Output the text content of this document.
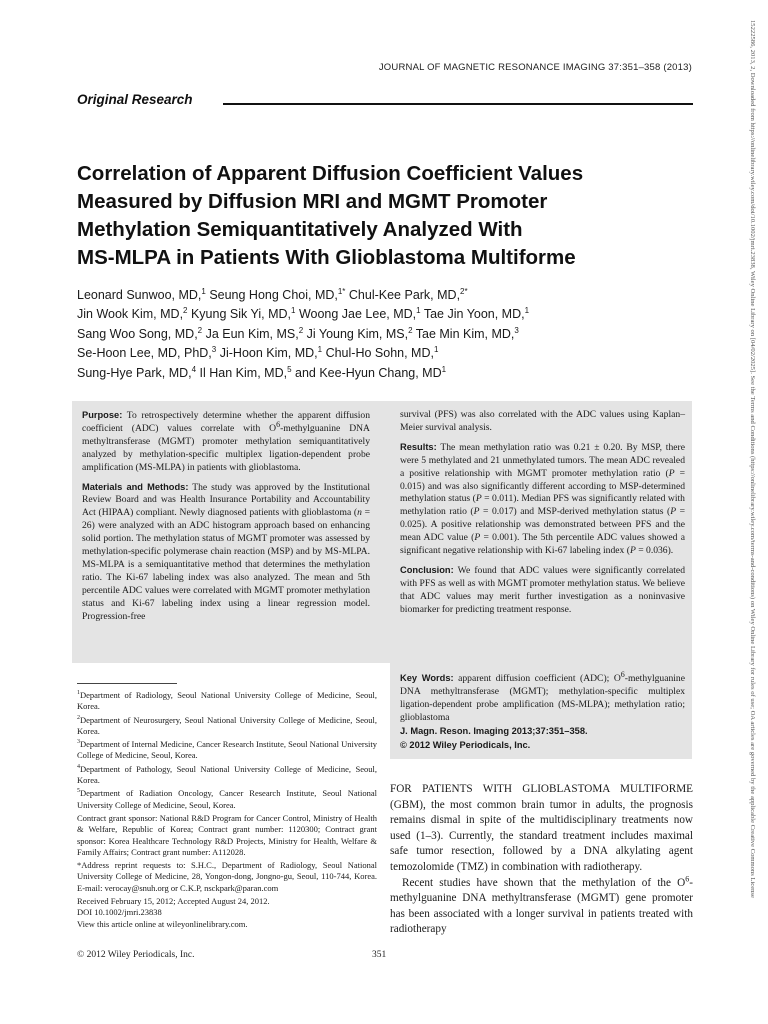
JOURNAL OF MAGNETIC RESONANCE IMAGING 37:351–358 (2013)
Original Research
Correlation of Apparent Diffusion Coefficient Values
Measured by Diffusion MRI and MGMT Promoter
Methylation Semiquantitatively Analyzed With
MS-MLPA in Patients With Glioblastoma Multiforme
Leonard Sunwoo, MD,$^1$ Seung Hong Choi, MD,$^{1*}$ Chul-Kee Park, MD,$^{2*}$
Jin Wook Kim, MD,$^2$ Kyung Sik Yi, MD,$^1$ Woong Jae Lee, MD,$^1$ Tae Jin Yoon, MD,$^1$
Sang Woo Song, MD,$^2$ Ja Eun Kim, MS,$^2$ Ji Young Kim, MS,$^2$ Tae Min Kim, MD,$^3$
Se-Hoon Lee, MD, PhD,$^3$ Ji-Hoon Kim, MD,$^1$ Chul-Ho Sohn, MD,$^1$
Sung-Hye Park, MD,$^4$ Il Han Kim, MD,$^5$ and Kee-Hyun Chang, $MD^1$

Purpose: To retrospectively determine whether the apparent diffusion coefficient (ADC) values correlate with $O^6$-methylguanine DNA methyltransferase (MGMT) promoter methylation semiquantitatively analyzed by methylation-specific multiplex ligation-dependent probe amplification (MS-MLPA) in patients with glioblastoma.

Materials and Methods: The study was approved by the Institutional Review Board and was Health Insurance Portability and Accountability Act (HIPAA) compliant. Newly diagnosed patients with glioblastoma (n = 26) were analyzed with an ADC histogram approach based on enhancing solid portion. The methylation status of MGMT promoter was assessed by methylation-specific polymerase chain reaction (MSP) and by MS-MLPA. MS-MLPA is a semiquantitative method that determines the methylation ratio. The Ki-67 labeling index was also analyzed. The mean and 5th percentile ADC values were correlated with MGMT promoter methylation status and Ki-67 labeling index using a linear regression model. Progression-free

survival (PFS) was also correlated with the ADC values using Kaplan–Meier survival analysis.

Results: The mean methylation ratio was 0.21 ± 0.20. By MSP, there were 5 methylated and 21 unmethylated tumors. The mean ADC revealed a positive relationship with MGMT promoter methylation ratio (P = 0.015) and was also significantly different according to MSP-determined methylation status (P = 0.011). Median PFS was significantly related with methylation ratio (P = 0.017) and MSP-derived methylation status (P = 0.025). A positive relationship was demonstrated between PFS and the mean ADC value (P = 0.001). The 5th percentile ADC values showed a significant negative relationship with Ki-67 labeling index (P = 0.036).

Conclusion: We found that ADC values were significantly correlated with PFS as well as with MGMT promoter methylation status. We believe that ADC values may merit further investigation as a noninvasive biomarker for predicting treatment response.

Key Words: apparent diffusion coefficient (ADC); $O^6$-methylguanine DNA methyltransferase (MGMT); methylation-specific multiplex ligation-dependent probe amplification (MS-MLPA); methylation ratio; glioblastoma

J. Magn. Reson. Imaging 2013;37:351–358.

© 2012 Wiley Periodicals, Inc.

$^1$Department of Radiology, Seoul National University College of Medicine, Seoul, Korea.

$^2$Department of Neurosurgery, Seoul National University College of Medicine, Seoul, Korea.

$^3$Department of Internal Medicine, Cancer Research Institute, Seoul National University College of Medicine, Seoul, Korea.

$^4$Department of Pathology, Seoul National University College of Medicine, Seoul, Korea.

$^5$Department of Radiation Oncology, Cancer Research Institute, Seoul National University College of Medicine, Seoul, Korea.

Contract grant sponsor: National R&D Program for Cancer Control, Ministry of Health & Welfare, Republic of Korea; Contract grant number: 1120300; Contract grant sponsor: Korea Healthcare Technology R&D Projects, Ministry for Health, Welfare & Family Affairs; Contract grant number: A112028.

*Address reprint requests to: S.H.C., Department of Radiology, Seoul National University College of Medicine, 28, Yongon-dong, Jongno-gu, Seoul, 110-744, Korea. E-mail: verocay@snuh.org or C.K.P, nsckpark@paran.com

Received February 15, 2012; Accepted August 24, 2012.

DOI 10.1002/jmri.23838

View this article online at wileyonlinelibrary.com.

FOR PATIENTS WITH GLIOBLASTOMA MULTIFORME (GBM), the most common brain tumor in adults, the prognosis remains dismal in spite of the multidisciplinary treatments now used (1–3). Currently, the standard treatment includes maximal safe tumor resection, followed by a DNA alkylating agent temozolomide (TMZ) in combination with radiotherapy.

Recent studies have shown that the methylation of the $O^6$-methylguanine DNA methyltransferase (MGMT) gene promoter has been associated with a longer survival in patients treated with radiotherapy

© 2012 Wiley Periodicals, Inc.	351
15222586, 2013, 2, Downloaded from https://onlinelibrary.wiley.com/doi/10.1002/jmri.23838, Wiley Online Library on [04/02/2025]. See the Terms and Conditions (https://onlinelibrary.wiley.com/terms-and-conditions) on Wiley Online Library for rules of use; OA articles are governed by the applicable Creative Commons License
